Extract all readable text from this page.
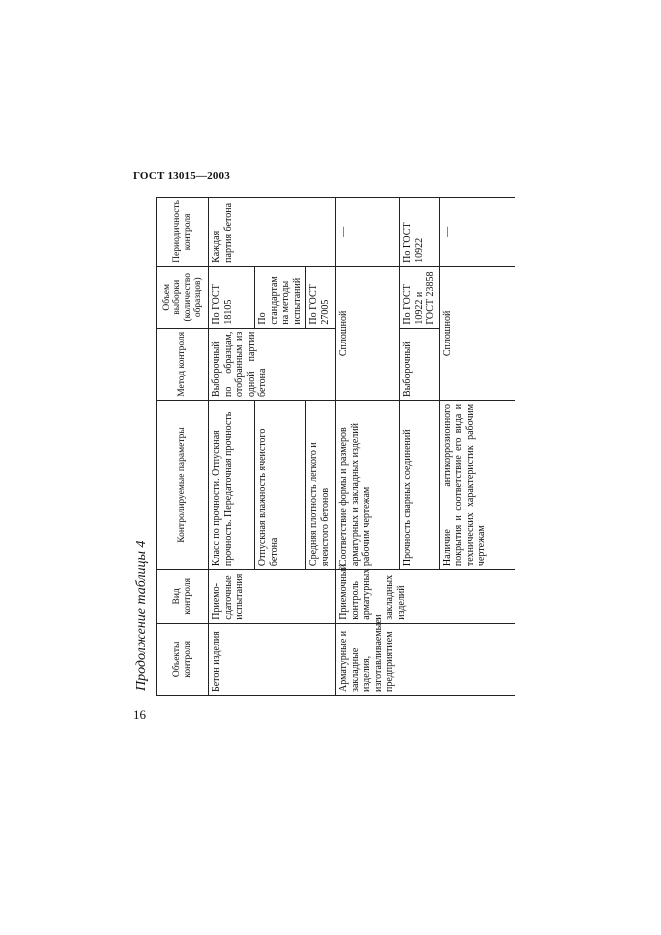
ГОСТ 13015—2003
Продолжение таблицы 4
16
Объекты контроля	Вид контроля	Контролируемые параметры	Метод контроля	Объем выборки (количество образцов)	Периодичность контроля
Бетон изделия	Приемо-сдаточные испытания	Класс по прочности. Отпускная прочность. Передаточная прочность	Выборочный по образцам, отобранным из одной партии бетона	По ГОСТ 18105	Каждая партия бетона
		Отпускная влажность ячеистого бетона		По стандартам на методы испытаний	
		Средняя плотность легкого и ячеистого бетонов		По ГОСТ 27005	
Арматурные и закладные изделия, изготавливаемые предприятием	Приемочный контроль арматурных и закладных изделий	Соответствие формы и размеров арматурных и закладных изделий рабочим чертежам	Сплошной		—
		Прочность сварных соединений	Выборочный	По ГОСТ 10922 и ГОСТ 23858	По ГОСТ 10922
		Наличие антикоррозионного покрытия и соответствие его вида и технических характеристик рабочим чертежам	Сплошной		—
